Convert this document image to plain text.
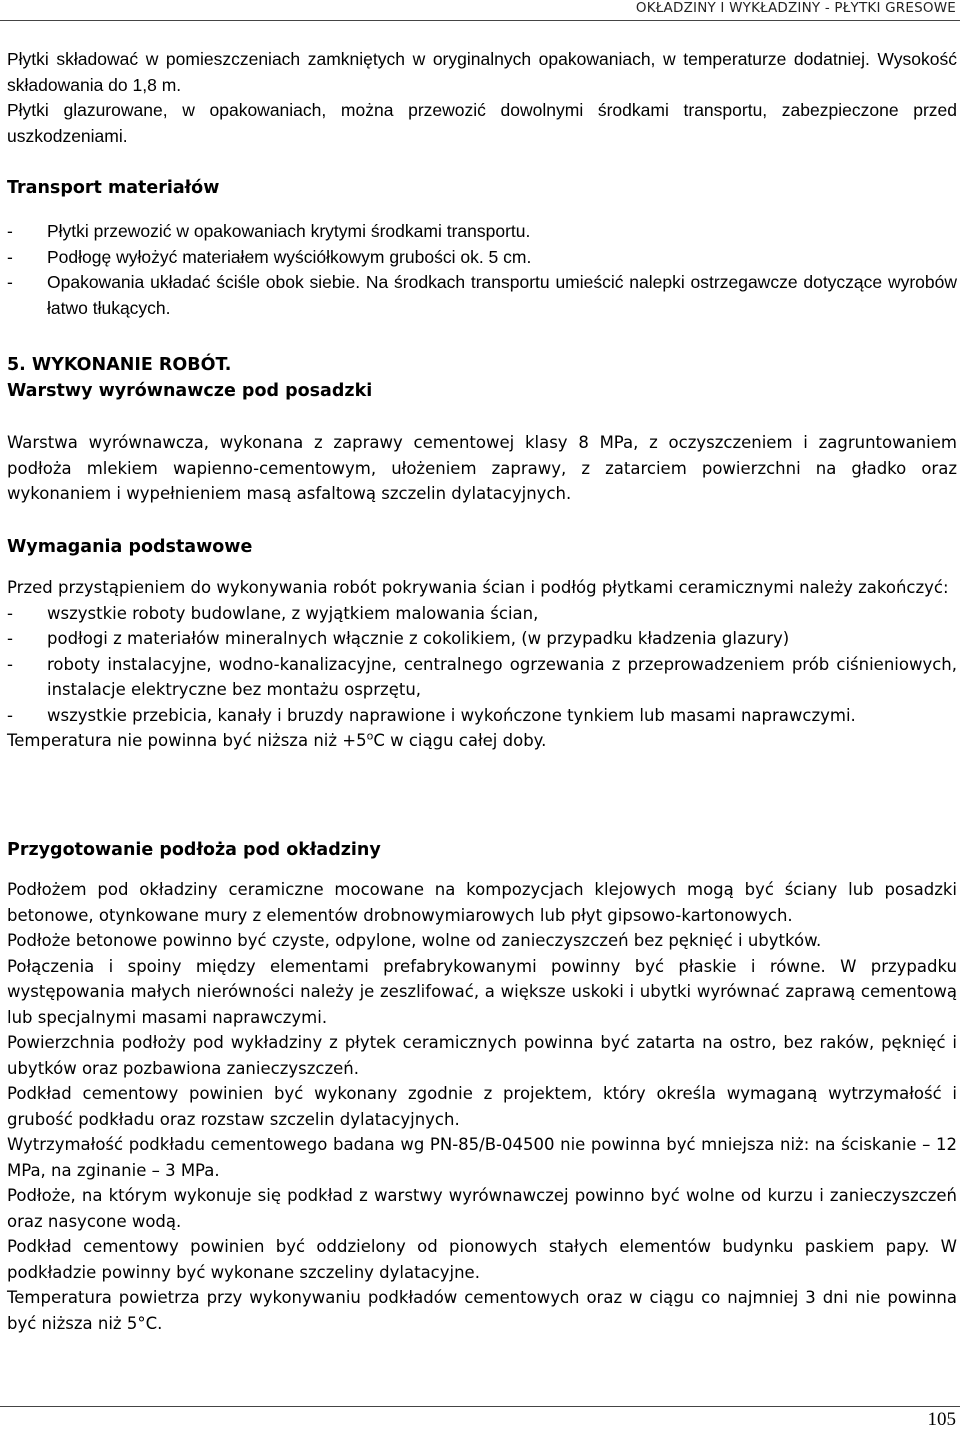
OKŁADZINY I WYKŁADZINY - PŁYTKI GRESOWE

Płytki składować w pomieszczeniach zamkniętych w oryginalnych opakowaniach, w temperaturze dodatniej. Wysokość składowania do 1,8 m.

Płytki glazurowane, w opakowaniach, można przewozić dowolnymi środkami transportu, zabezpieczone przed uszkodzeniami.

Transport materiałów
-	Płytki przewozić w opakowaniach krytymi środkami transportu.
-	Podłogę wyłożyć materiałem wyściółkowym grubości ok. 5 cm.
-	Opakowania układać ściśle obok siebie. Na środkach transportu umieścić nalepki ostrzegawcze dotyczące wyrobów łatwo tłukących.
5. WYKONANIE ROBÓT.
Warstwy wyrównawcze pod posadzki

Warstwa wyrównawcza, wykonana z zaprawy cementowej klasy 8 MPa, z oczyszczeniem i zagruntowaniem podłoża mlekiem wapienno-cementowym, ułożeniem zaprawy, z zatarciem powierzchni na gładko oraz wykonaniem i wypełnieniem masą asfaltową szczelin dylatacyjnych.

Wymagania podstawowe

Przed przystąpieniem do wykonywania robót pokrywania ścian i podłóg płytkami ceramicznymi należy zakończyć:

-	wszystkie roboty budowlane, z wyjątkiem malowania ścian,
-	podłogi z materiałów mineralnych włącznie z cokolikiem, (w przypadku kładzenia glazury)
-	roboty instalacyjne, wodno-kanalizacyjne, centralnego ogrzewania z przeprowadzeniem prób ciśnieniowych, instalacje elektryczne bez montażu osprzętu,
-	wszystkie przebicia, kanały i bruzdy naprawione i wykończone tynkiem lub masami naprawczymi.

Temperatura nie powinna być niższa niż $+5^oC$ w ciągu całej doby.

Przygotowanie podłoża pod okładziny

Podłożem pod okładziny ceramiczne mocowane na kompozycjach klejowych mogą być ściany lub posadzki betonowe, otynkowane mury z elementów drobnowymiarowych lub płyt gipsowo-kartonowych.

Podłoże betonowe powinno być czyste, odpylone, wolne od zanieczyszczeń bez pęknięć i ubytków.

Połączenia i spoiny między elementami prefabrykowanymi powinny być płaskie i równe. W przypadku występowania małych nierówności należy je zeszlifować, a większe uskoki i ubytki wyrównać zaprawą cementową lub specjalnymi masami naprawczymi.

Powierzchnia podłoży pod wykładziny z płytek ceramicznych powinna być zatarta na ostro, bez raków, pęknięć i ubytków oraz pozbawiona zanieczyszczeń.

Podkład cementowy powinien być wykonany zgodnie z projektem, który określa wymaganą wytrzymałość i grubość podkładu oraz rozstaw szczelin dylatacyjnych.

Wytrzymałość podkładu cementowego badana wg PN-85/B-04500 nie powinna być mniejsza niż: na ściskanie – 12 MPa, na zginanie – 3 MPa.

Podłoże, na którym wykonuje się podkład z warstwy wyrównawczej powinno być wolne od kurzu i zanieczyszczeń oraz nasycone wodą.

Podkład cementowy powinien być oddzielony od pionowych stałych elementów budynku paskiem papy. W podkładzie powinny być wykonane szczeliny dylatacyjne.

Temperatura powietrza przy wykonywaniu podkładów cementowych oraz w ciągu co najmniej 3 dni nie powinna być niższa niż 5°C.

105
